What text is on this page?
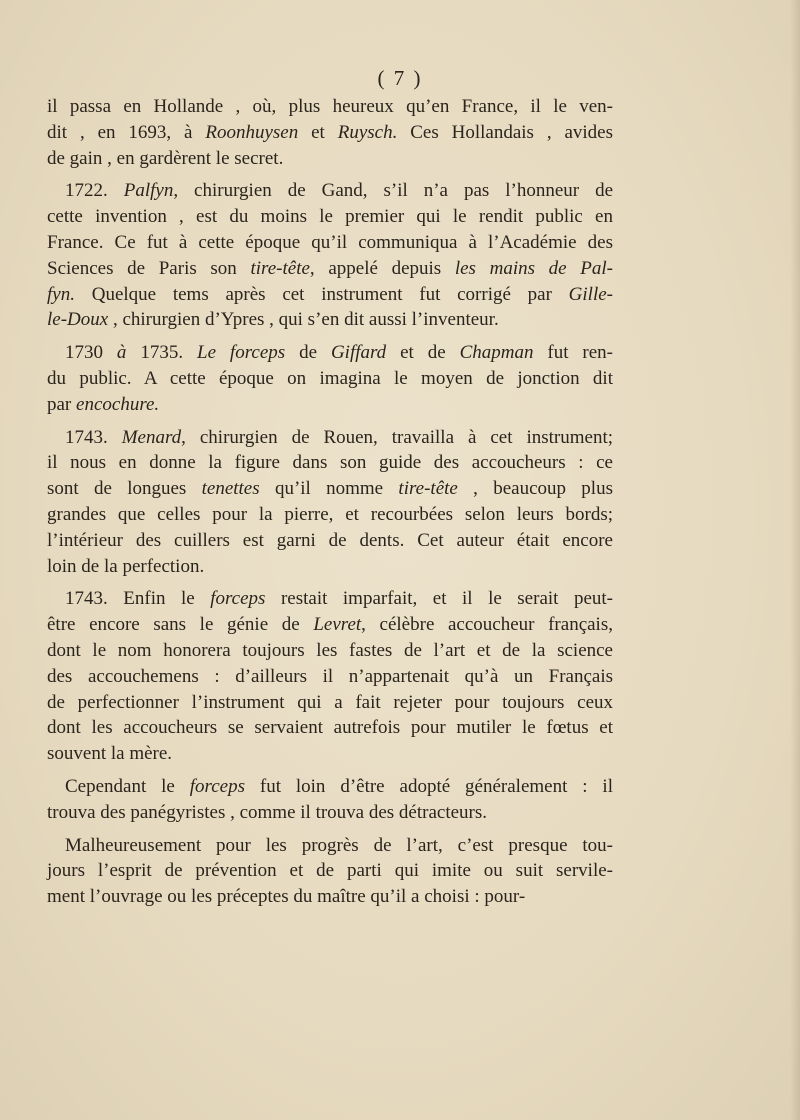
( 7 )
il passa en Hollande , où, plus heureux qu’en France, il le ven-
dit , en 1693, à Roonhuysen et Ruysch. Ces Hollandais , avides
de gain , en gardèrent le secret.
1722. Palfyn, chirurgien de Gand, s’il n’a pas l’honneur de
cette invention , est du moins le premier qui le rendit public en
France. Ce fut à cette époque qu’il communiqua à l’Académie des
Sciences de Paris son tire-tête, appelé depuis les mains de Pal-
fyn. Quelque tems après cet instrument fut corrigé par Gille-
le-Doux , chirurgien d’Ypres , qui s’en dit aussi l’inventeur.
1730 à 1735. Le forceps de Giffard et de Chapman fut ren-
du public. A cette époque on imagina le moyen de jonction dit
par encochure.
1743. Menard, chirurgien de Rouen, travailla à cet instrument;
il nous en donne la figure dans son guide des accoucheurs : ce
sont de longues tenettes qu’il nomme tire-tête , beaucoup plus
grandes que celles pour la pierre, et recourbées selon leurs bords;
l’intérieur des cuillers est garni de dents. Cet auteur était encore
loin de la perfection.
1743. Enfin le forceps restait imparfait, et il le serait peut-
être encore sans le génie de Levret, célèbre accoucheur français,
dont le nom honorera toujours les fastes de l’art et de la science
des accouchemens : d’ailleurs il n’appartenait qu’à un Français
de perfectionner l’instrument qui a fait rejeter pour toujours ceux
dont les accoucheurs se servaient autrefois pour mutiler le fœtus et
souvent la mère.
Cependant le forceps fut loin d’être adopté généralement : il
trouva des panégyristes , comme il trouva des détracteurs.
Malheureusement pour les progrès de l’art, c’est presque tou-
jours l’esprit de prévention et de parti qui imite ou suit servile-
ment l’ouvrage ou les préceptes du maître qu’il a choisi : pour-
